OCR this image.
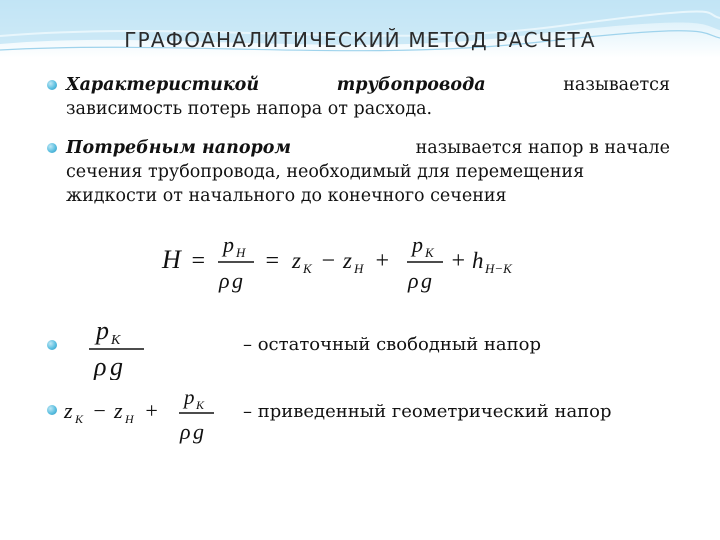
ГРАФОАНАЛИТИЧЕСКИЙ МЕТОД РАСЧЕТА
Характеристикой	трубопровода	называется
зависимость потерь напора от расхода.
Потребным напором	называется напор в начале
сечения трубопровода, необходимый для перемещения
жидкости от начального до конечного сечения
H =
p H
ρ g
= z K − z H +
p K
ρ g
+ h H−K
p K
ρ g
– остаточный свободный напор
z K − z H +
p K
ρ g
– приведенный геометрический напор
